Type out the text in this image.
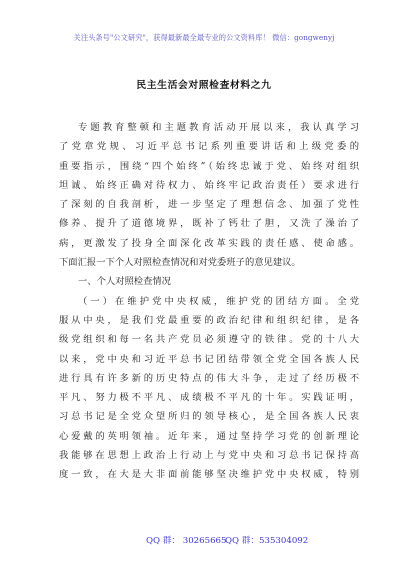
关注头条号"公文研究"，获得最新最全最专业的公文资料库！ 微信：gongwenyj
民主生活会对照检查材料之九
专题教育整顿和主题教育活动开展以来，我认真学习
了党章党规、习近平总书记系列重要讲话和上级党委的
重要指示，围绕“四个始终”（始终忠诚于党、始终对组织
坦诚、始终正确对待权力、始终牢记政治责任）要求进行
了深刻的自我剖析，进一步坚定了理想信念、加强了党性
修养、提升了道德境界，既补了钙壮了胆，又洗了澡治了
病，更激发了投身全面深化改革实践的责任感、使命感。
下面汇报一下个人对照检查情况和对党委班子的意见建议。
一、个人对照检查情况
（一）在维护党中央权威，维护党的团结方面。全党
服从中央，是我们党最重要的政治纪律和组织纪律，是各
级党组织和每一名共产党员必须遵守的铁律。党的十八大
以来，党中央和习近平总书记团结带领全党全国各族人民
进行具有许多新的历史特点的伟大斗争，走过了经历极不
平凡、努力极不平凡、成绩极不平凡的十年。实践证明，
习总书记是全党众望所归的领导核心，是全国各族人民衷
心爱戴的英明领袖。近年来，通过坚持学习党的创新理论
我能够在思想上政治上行动上与党中央和习总书记保持高
度一致，在大是大非面前能够坚决维护党中央权威，特别
QQ 群： 30265665
QQ 群：535304092
